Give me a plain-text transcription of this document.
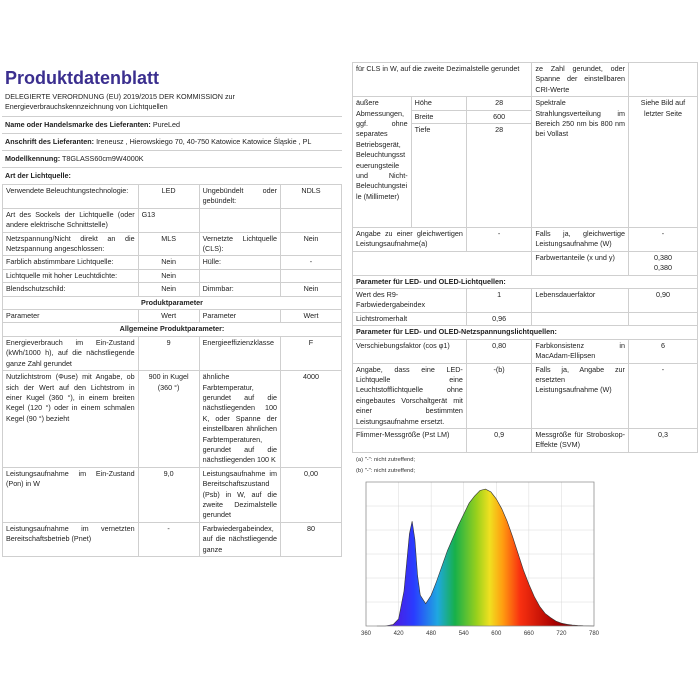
Produktdatenblatt
DELEGIERTE VERORDNUNG (EU) 2019/2015 DER KOMMISSION zur Energieverbrauchskennzeichnung von Lichtquellen
Name oder Handelsmarke des Lieferanten: PureLed
Anschrift des Lieferanten: Ireneusz , Hierowskiego 70, 40-750 Katowice Katowice Śląskie , PL
Modellkennung: T8GLASS60cm9W4000K
Art der Lichtquelle:
Verwendete Beleuchtungstechnologie:	LED	Ungebündelt oder gebündelt:	NDLS
Art des Sockels der Lichtquelle (oder andere elektrische Schnittstelle)	G13		
Netzspannung/Nicht direkt an die Netzspannung angeschlossen:	MLS	Vernetzte Lichtquelle (CLS):	Nein
Farblich abstimmbare Lichtquelle:	Nein	Hülle:	-
Lichtquelle mit hoher Leuchtdichte:	Nein		
Blendschutzschild:	Nein	Dimmbar:	Nein
Produktparameter			
Parameter	Wert	Parameter	Wert
Allgemeine Produktparameter:			
Energieverbrauch im Ein-Zustand (kWh/1000 h), auf die nächstliegende ganze Zahl gerundet	9	Energieeffizienzklasse	F
Nutzlichtstrom (Φuse) mit Angabe, ob sich der Wert auf den Lichtstrom in einer Kugel (360 °), in einem breiten Kegel (120 °) oder in einem schmalen Kegel (90 °) bezieht	900 in Kugel (360 °)	ähnliche Farbtemperatur, gerundet auf die nächstliegenden 100 K, oder Spanne der einstellbaren ähnlichen Farbtemperaturen, gerundet auf die nächstliegenden 100 K	4000
Leistungsaufnahme im Ein-Zustand (Pon) in W	9,0	Leistungsaufnahme im Bereitschaftszustand (Psb) in W, auf die zweite Dezimalstelle gerundet	0,00
Leistungsaufnahme im vernetzten Bereitschaftsbetrieb (Pnet)	-	Farbwiedergabeindex, auf die nächstliegende ganze	80
für CLS in W, auf die zweite Dezimalstelle gerundet			ze Zahl gerundet, oder Spanne der einstellbaren CRI-Werte	
äußere Abmessungen, ggf. ohne separates Betriebsgerät, Beleuchtungssteuerungsteile und Nicht-Beleuchtungsteile (Millimeter)	Höhe	28	Spektrale Strahlungsverteilung im Bereich 250 nm bis 800 nm bei Vollast	Siehe Bild auf letzter Seite
	Breite	600		
	Tiefe	28		
Angabe zu einer gleichwertigen Leistungsaufnahme(a)		-	Falls ja, gleichwertige Leistungsaufnahme (W)	-
			Farbwertanteile (x und y)	0,380
0,380
Parameter für LED- und OLED-Lichtquellen:				
Wert des R9-Farbwiedergabeindex		1	Lebensdauerfaktor	0,90
Lichtstromerhalt		0,96		
Parameter für LED- und OLED-Netzspannungslichtquellen:				
Verschiebungsfaktor (cos φ1)		0,80	Farbkonsistenz in MacAdam-Ellipsen	6
Angabe, dass eine LED-Lichtquelle eine Leuchtstofflichtquelle ohne eingebautes Vorschaltgerät mit einer bestimmten Leistungsaufnahme ersetzt.		-(b)	Falls ja, Angabe zur ersetzten Leistungsaufnahme (W)	-
Flimmer-Messgröße (Pst LM)		0,9	Messgröße für Stroboskop-Effekte (SVM)	0,3
(a) "-": nicht zutreffend;
(b) "-": nicht zutreffend;
360	420	480	540	600	660	720	780
